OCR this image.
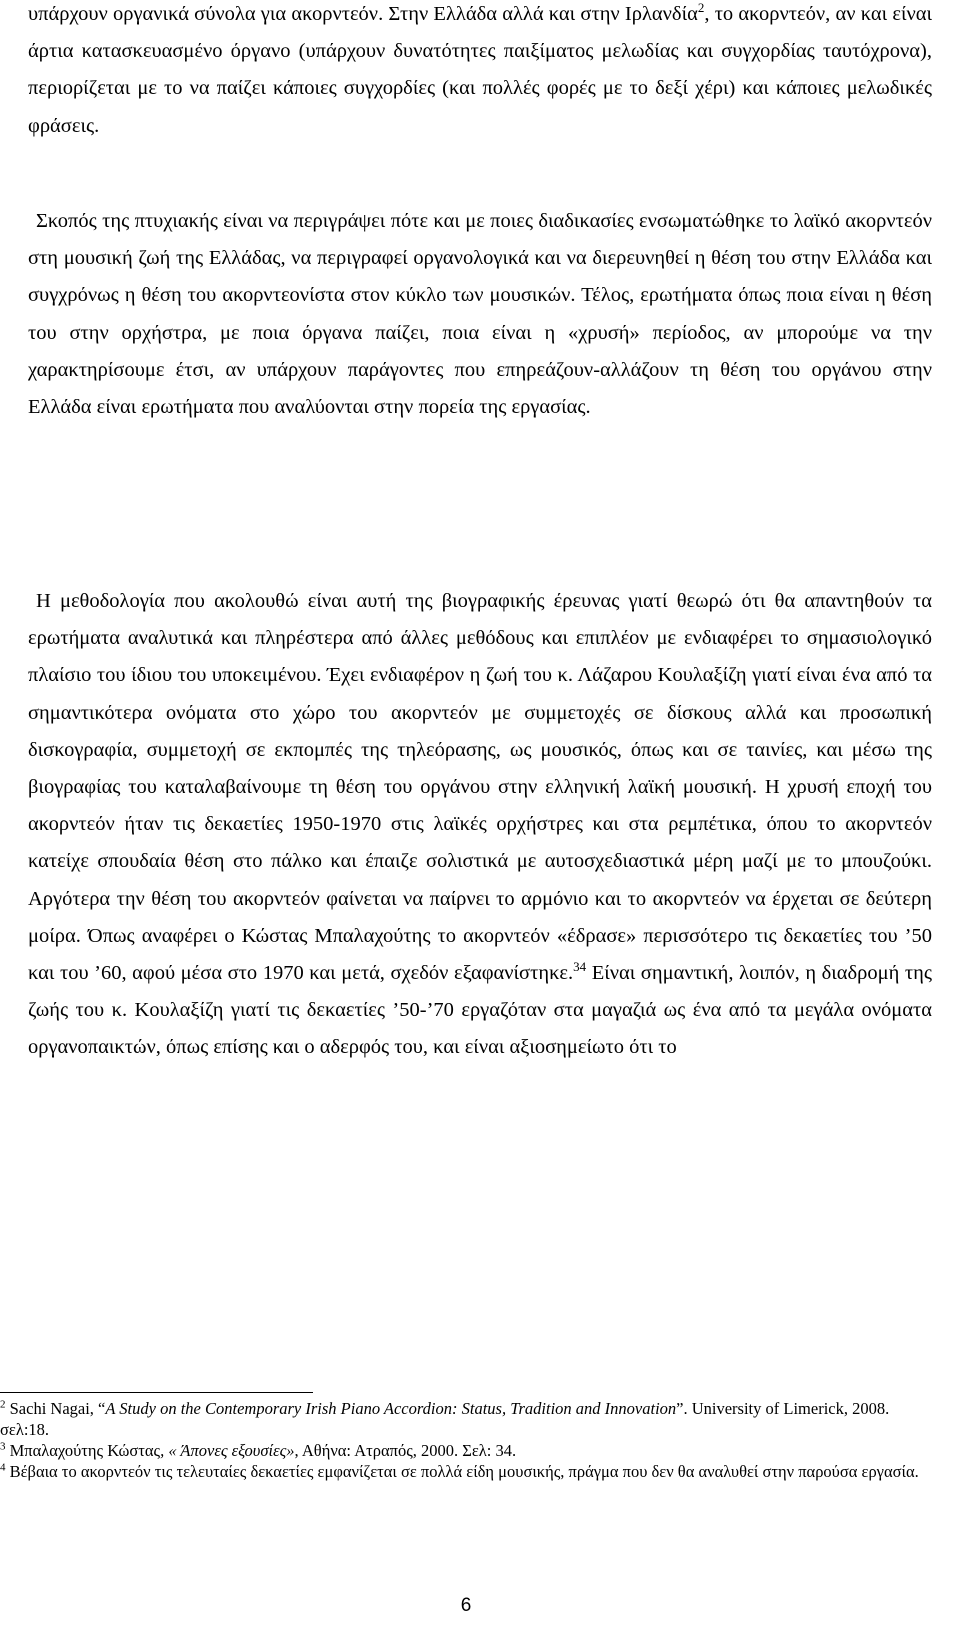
υπάρχουν οργανικά σύνολα για ακορντεόν. Στην Ελλάδα αλλά και στην Ιρλανδία$^2$, το ακορντεόν, αν και είναι άρτια κατασκευασμένο όργανο (υπάρχουν δυνατότητες παιξίματος μελωδίας και συγχορδίας ταυτόχρονα), περιορίζεται με το να παίζει κάποιες συγχορδίες (και πολλές φορές με το δεξί χέρι) και κάποιες μελωδικές φράσεις.

Σκοπός της πτυχιακής είναι να περιγράψει πότε και με ποιες διαδικασίες ενσωματώθηκε το λαϊκό ακορντεόν στη μουσική ζωή της Ελλάδας, να περιγραφεί οργανολογικά και να διερευνηθεί η θέση του στην Ελλάδα και συγχρόνως η θέση του ακορντεονίστα στον κύκλο των μουσικών. Τέλος, ερωτήματα όπως ποια είναι η θέση του στην ορχήστρα, με ποια όργανα παίζει, ποια είναι η «χρυσή» περίοδος, αν μπορούμε να την χαρακτηρίσουμε έτσι, αν υπάρχουν παράγοντες που επηρεάζουν-αλλάζουν τη θέση του οργάνου στην Ελλάδα είναι ερωτήματα που αναλύονται στην πορεία της εργασίας.

Η μεθοδολογία που ακολουθώ είναι αυτή της βιογραφικής έρευνας γιατί θεωρώ ότι θα απαντηθούν τα ερωτήματα αναλυτικά και πληρέστερα από άλλες μεθόδους και επιπλέον με ενδιαφέρει το σημασιολογικό πλαίσιο του ίδιου του υποκειμένου. Έχει ενδιαφέρον η ζωή του κ. Λάζαρου Κουλαξίζη γιατί είναι ένα από τα σημαντικότερα ονόματα στο χώρο του ακορντεόν με συμμετοχές σε δίσκους αλλά και προσωπική δισκογραφία, συμμετοχή σε εκπομπές της τηλεόρασης, ως μουσικός, όπως και σε ταινίες, και μέσω της βιογραφίας του καταλαβαίνουμε τη θέση του οργάνου στην ελληνική λαϊκή μουσική. Η χρυσή εποχή του ακορντεόν ήταν τις δεκαετίες 1950-1970 στις λαϊκές ορχήστρες και στα ρεμπέτικα, όπου το ακορντεόν κατείχε σπουδαία θέση στο πάλκο και έπαιζε σολιστικά με αυτοσχεδιαστικά μέρη μαζί με το μπουζούκι. Αργότερα την θέση του ακορντεόν φαίνεται να παίρνει το αρμόνιο και το ακορντεόν να έρχεται σε δεύτερη μοίρα. Όπως αναφέρει ο Κώστας Μπαλαχούτης το ακορντεόν «έδρασε» περισσότερο τις δεκαετίες του ’50 και του ’60, αφού μέσα στο 1970 και μετά, σχεδόν εξαφανίστηκε.$^{34}$ Είναι σημαντική, λοιπόν, η διαδρομή της ζωής του κ. Κουλαξίζη γιατί τις δεκαετίες ’50-’70 εργαζόταν στα μαγαζιά ως ένα από τα μεγάλα ονόματα οργανοπαικτών, όπως επίσης και ο αδερφός του, και είναι αξιοσημείωτο ότι το

$^2$ Sachi Nagai, “A Study on the Contemporary Irish Piano Accordion: Status, Tradition and Innovation”. University of Limerick, 2008. σελ:18.
$^3$ Μπαλαχούτης Κώστας, « Άπονες εξουσίες», Αθήνα: Ατραπός, 2000. Σελ: 34.
$^4$ Βέβαια το ακορντεόν τις τελευταίες δεκαετίες εμφανίζεται σε πολλά είδη μουσικής, πράγμα που δεν θα αναλυθεί στην παρούσα εργασία.
6
